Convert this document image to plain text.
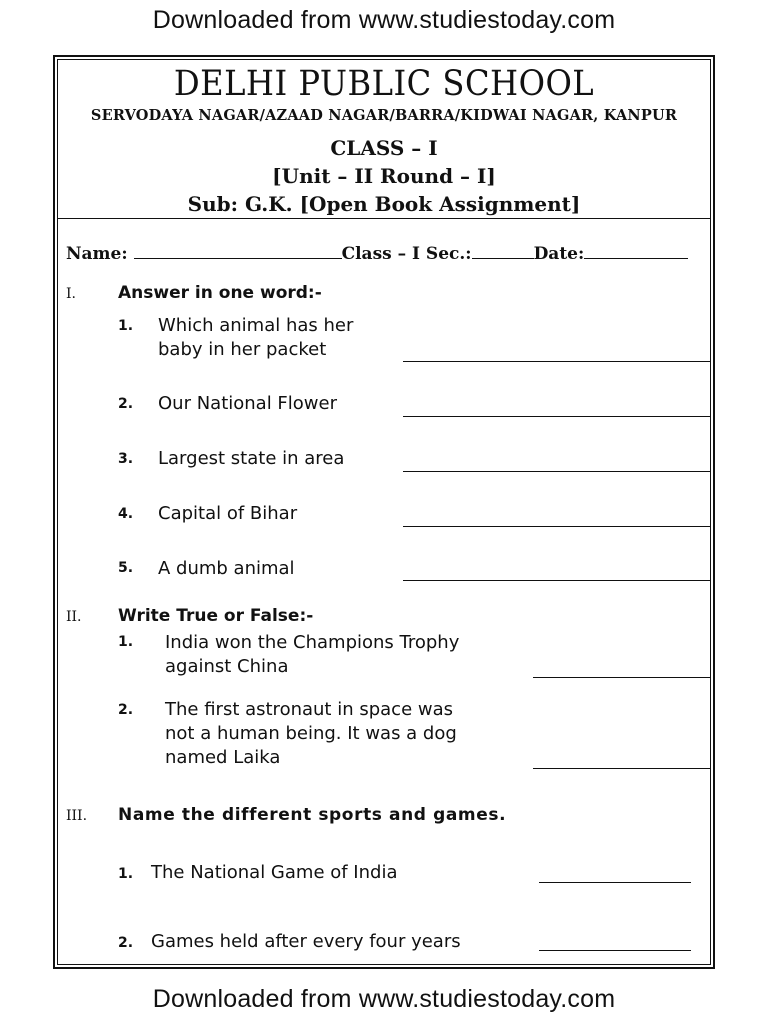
Downloaded from www.studiestoday.com
DELHI PUBLIC SCHOOL
SERVODAYA NAGAR/AZAAD NAGAR/BARRA/KIDWAI NAGAR, KANPUR
CLASS – I
[Unit – II Round – I]
Sub: G.K. [Open Book Assignment]
Name:	Class – I Sec.:	Date:
I. Answer in one word:-
1. Which animal has her
baby in her packet
2. Our National Flower
3. Largest state in area
4. Capital of Bihar
5. A dumb animal
II. Write True or False:-
1. India won the Champions Trophy
against China
2. The first astronaut in space was
not a human being. It was a dog
named Laika
III. Name the different sports and games.
1. The National Game of India
2. Games held after every four years
Downloaded from www.studiestoday.com
